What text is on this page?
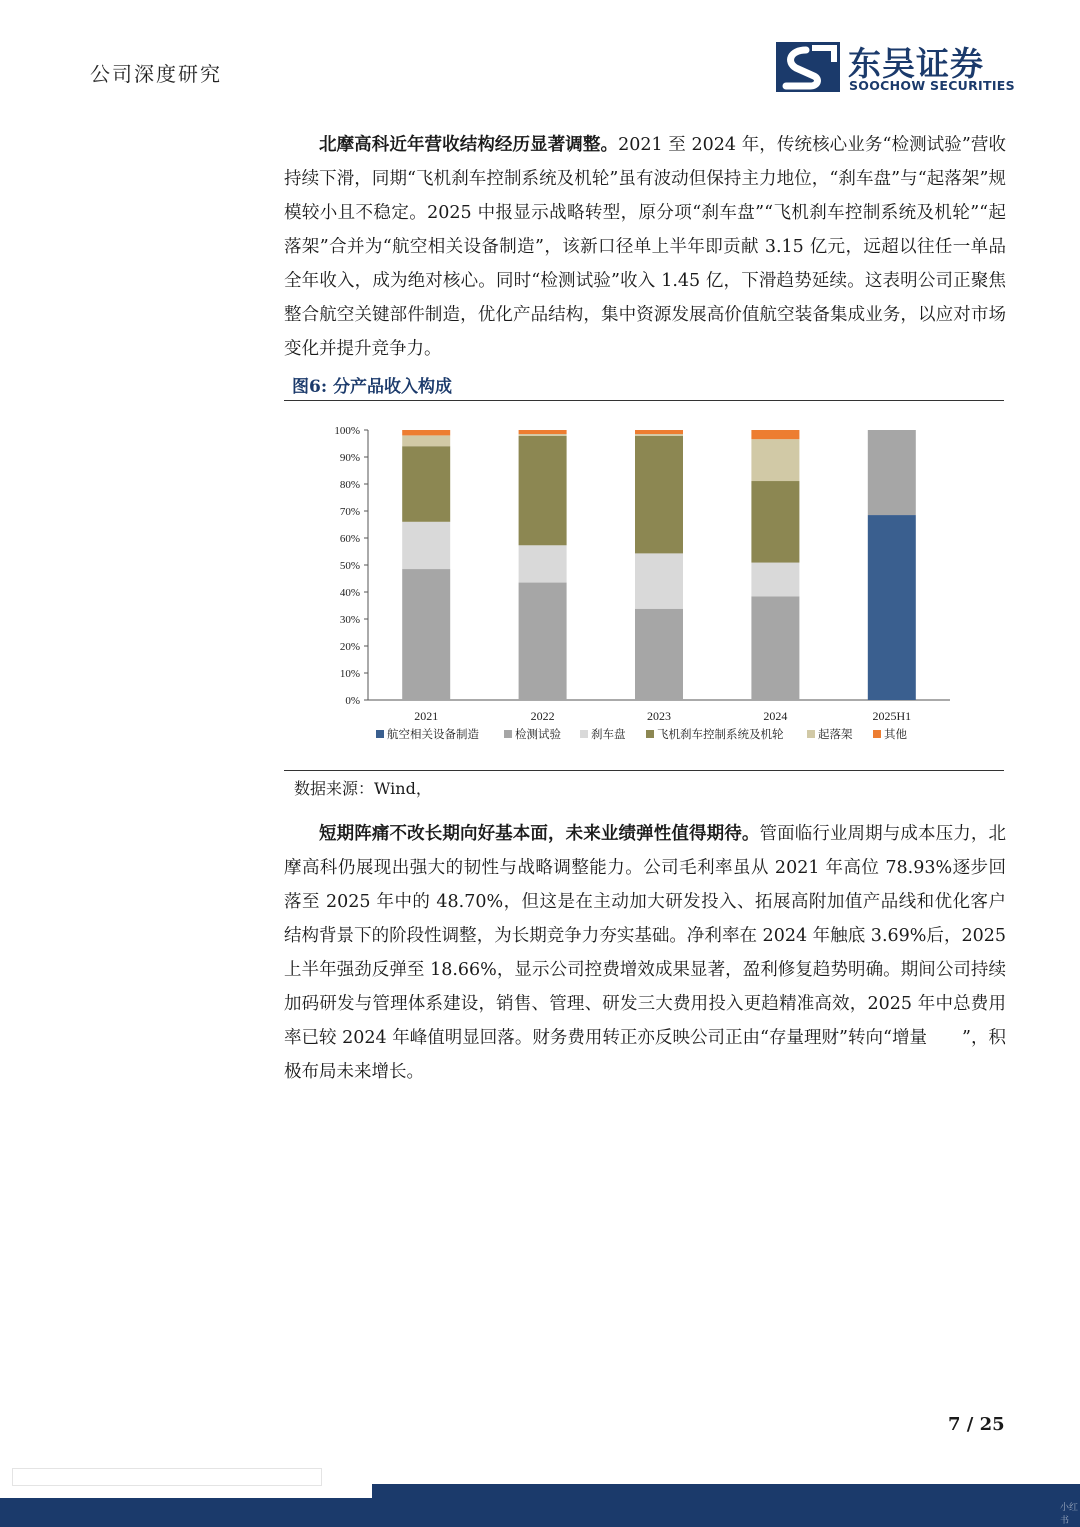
公司深度研究	东吴证券
SOOCHOW SECURITIES

北摩高科近年营收结构经历显著调整。2021 至 2024 年，传统核心业务“检测试验”营收持续下滑，同期“飞机刹车控制系统及机轮”虽有波动但保持主力地位，“刹车盘”与“起落架”规模较小且不稳定。2025 中报显示战略转型，原分项“刹车盘”“飞机刹车控制系统及机轮”“起落架”合并为“航空相关设备制造”，该新口径单上半年即贡献 3.15 亿元，远超以往任一单品全年收入，成为绝对核心。同时“检测试验”收入 1.45 亿，下滑趋势延续。这表明公司正聚焦整合航空关键部件制造，优化产品结构，集中资源发展高价值航空装备集成业务，以应对市场变化并提升竞争力。

图6: 分产品收入构成
0%
10%
20%
30%
40%
50%
60%
70%
80%
90%
100%
2021	2022	2023	2024	2025H1
航空相关设备制造	检测试验	刹车盘	飞机刹车控制系统及机轮	起落架	其他
数据来源：Wind，

短期阵痛不改长期向好基本面，未来业绩弹性值得期待。管面临行业周期与成本压力，北摩高科仍展现出强大的韧性与战略调整能力。公司毛利率虽从 2021 年高位 78.93%逐步回落至 2025 年中的 48.70%，但这是在主动加大研发投入、拓展高附加值产品线和优化客户结构背景下的阶段性调整，为长期竞争力夯实基础。净利率在 2024 年触底 3.69%后，2025 上半年强劲反弹至 18.66%，显示公司控费增效成果显著，盈利修复趋势明确。期间公司持续加码研发与管理体系建设，销售、管理、研发三大费用投入更趋精准高效，2025 年中总费用率已较 2024 年峰值明显回落。财务费用转正亦反映公司正由“存量理财”转向“增量　　”，积极布局未来增长。

7 / 25
小红书
